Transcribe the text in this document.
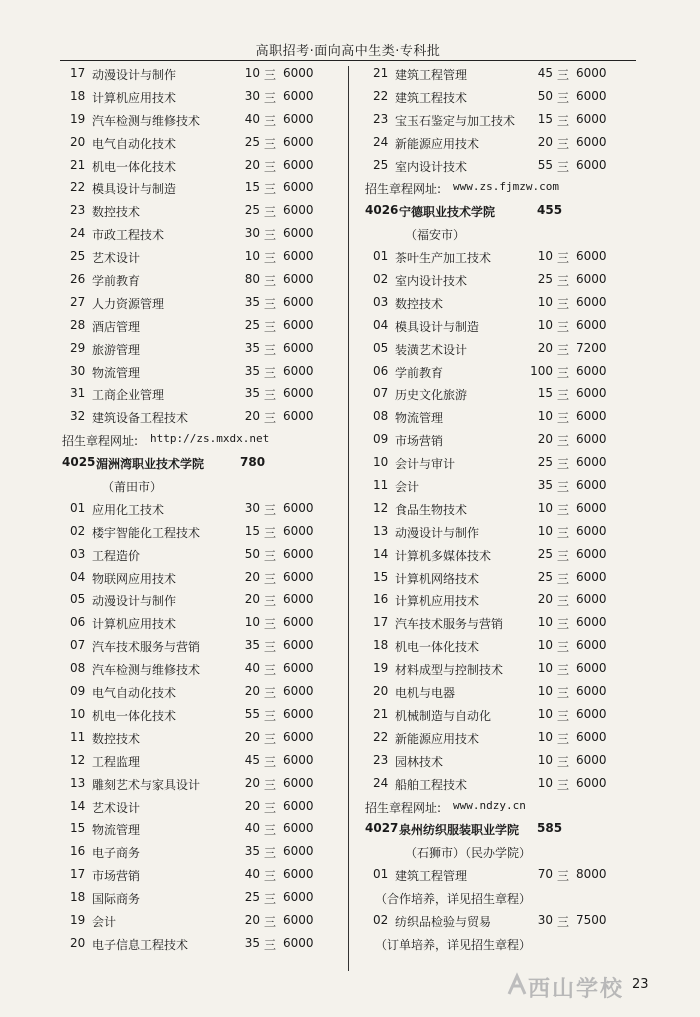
高职招考·面向高中生类·专科批
17 动漫设计与制作	10 三 6000
18 计算机应用技术	30 三 6000
19 汽车检测与维修技术	40 三 6000
20 电气自动化技术	25 三 6000
21 机电一体化技术	20 三 6000
22 模具设计与制造	15 三 6000
23 数控技术	25 三 6000
24 市政工程技术	30 三 6000
25 艺术设计	10 三 6000
26 学前教育	80 三 6000
27 人力资源管理	35 三 6000
28 酒店管理	25 三 6000
29 旅游管理	35 三 6000
30 物流管理	35 三 6000
31 工商企业管理	35 三 6000
32 建筑设备工程技术	20 三 6000
招生章程网址: http://zs.mxdx.net
4025 湄洲湾职业技术学院	780
（莆田市）
01 应用化工技术	30 三 6000
02 楼宇智能化工程技术	15 三 6000
03 工程造价	50 三 6000
04 物联网应用技术	20 三 6000
05 动漫设计与制作	20 三 6000
06 计算机应用技术	10 三 6000
07 汽车技术服务与营销	35 三 6000
08 汽车检测与维修技术	40 三 6000
09 电气自动化技术	20 三 6000
10 机电一体化技术	55 三 6000
11 数控技术	20 三 6000
12 工程监理	45 三 6000
13 雕刻艺术与家具设计	20 三 6000
14 艺术设计	20 三 6000
15 物流管理	40 三 6000
16 电子商务	35 三 6000
17 市场营销	40 三 6000
18 国际商务	25 三 6000
19 会计	20 三 6000
20 电子信息工程技术	35 三 6000
21 建筑工程管理	45 三 6000
22 建筑工程技术	50 三 6000
23 宝玉石鉴定与加工技术	15 三 6000
24 新能源应用技术	20 三 6000
25 室内设计技术	55 三 6000
招生章程网址: www.zs.fjmzw.com
4026 宁德职业技术学院	455
（福安市）
01 茶叶生产加工技术	10 三 6000
02 室内设计技术	25 三 6000
03 数控技术	10 三 6000
04 模具设计与制造	10 三 6000
05 装潢艺术设计	20 三 7200
06 学前教育	100 三 6000
07 历史文化旅游	15 三 6000
08 物流管理	10 三 6000
09 市场营销	20 三 6000
10 会计与审计	25 三 6000
11 会计	35 三 6000
12 食品生物技术	10 三 6000
13 动漫设计与制作	10 三 6000
14 计算机多媒体技术	25 三 6000
15 计算机网络技术	25 三 6000
16 计算机应用技术	20 三 6000
17 汽车技术服务与营销	10 三 6000
18 机电一体化技术	10 三 6000
19 材料成型与控制技术	10 三 6000
20 电机与电器	10 三 6000
21 机械制造与自动化	10 三 6000
22 新能源应用技术	10 三 6000
23 园林技术	10 三 6000
24 船舶工程技术	10 三 6000
招生章程网址: www.ndzy.cn
4027 泉州纺织服装职业学院 585
（石狮市）（民办学院）
01 建筑工程管理	70 三 8000
（合作培养，详见招生章程）
02 纺织品检验与贸易	30 三 7500
（订单培养，详见招生章程）
西山学校 23
